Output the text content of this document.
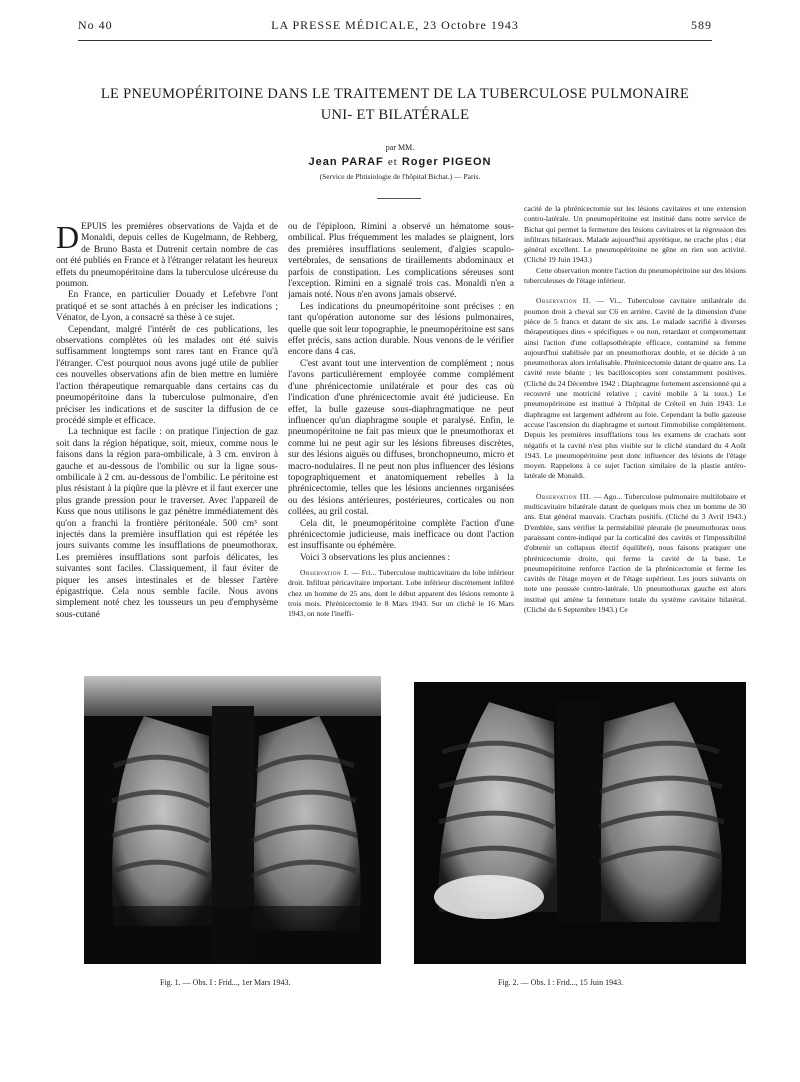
No 40	LA PRESSE MÉDICALE, 23 Octobre 1943	589
LE PNEUMOPÉRITOINE DANS LE TRAITEMENT DE LA TUBERCULOSE PULMONAIRE
UNI- ET BILATÉRALE
par MM.
Jean PARAF et Roger PIGEON
(Service de Phtisiologie de l'hôpital Bichat.) — Paris.

DEPUIS les premières observations de Vajda et de Monaldi, depuis celles de Kugelmann, de Rehberg, de Bruno Basta et Dutrenit certain nombre de cas ont été publiés en France et à l'étranger relatant les heureux effets du pneumopéritoine dans la tuberculose ulcéreuse du poumon.

En France, en particulier Douady et Lefebvre l'ont pratiqué et se sont attachés à en préciser les indications ; Vénator, de Lyon, a consacré sa thèse à ce sujet.

Cependant, malgré l'intérêt de ces publications, les observations complètes où les malades ont été suivis suffisamment longtemps sont rares tant en France qu'à l'étranger. C'est pourquoi nous avons jugé utile de publier ces nouvelles observations afin de bien mettre en lumière l'action thérapeutique remarquable dans certains cas du pneumopéritoine dans la tuberculose pulmonaire, d'en préciser les indications et de susciter la diffusion de ce procédé simple et efficace.

La technique est facile : on pratique l'injection de gaz soit dans la région hépatique, soit, mieux, comme nous le faisons dans la région para-ombilicale, à 3 cm. environ à gauche et au-dessous de l'ombilic ou sur la ligne sous-ombilicale à 2 cm. au-dessous de l'ombilic. Le péritoine est plus résistant à la piqûre que la plèvre et il faut exercer une plus grande pression pour le traverser. Avec l'appareil de Kuss que nous utilisons le gaz pénètre immédiatement dès qu'on a franchi la frontière péritonéale. 500 cm³ sont injectés dans la première insufflation qui est répétée les jours suivants comme les insufflations de pneumothorax. Les premières insufflations sont parfois délicates, les suivantes sont faciles. Classiquement, il faut éviter de piquer les anses intestinales et de blesser l'artère épigastrique. Cela nous semble facile. Nous avons simplement noté chez les tousseurs un peu d'emphysème sous-cutané

ou de l'épiploon. Rimini a observé un hématome sous-ombilical. Plus fréquemment les malades se plaignent, lors des premières insufflations seulement, d'algies scapulo-vertébrales, de sensations de tiraillements abdominaux et parfois de constipation. Les complications séreuses sont l'exception. Rimini en a signalé trois cas. Monaldi n'en a jamais noté. Nous n'en avons jamais observé.

Les indications du pneumopéritoine sont précises : en tant qu'opération autonome sur des lésions pulmonaires, quelle que soit leur topographie, le pneumopéritoine est sans effet précis, sans action durable. Nous venons de le vérifier encore dans 4 cas.

C'est avant tout une intervention de complément ; nous l'avons particulièrement employée comme complément d'une phrénicectomie unilatérale et pour des cas où l'indication d'une phrénicectomie avait été judicieuse. En effet, la bulle gazeuse sous-diaphragmatique ne peut influencer qu'un diaphragme souple et paralysé. Enfin, le pneumopéritoine ne fait pas mieux que le pneumothorax et comme lui ne peut agir sur les lésions fibreuses discrètes, sur des lésions aiguës ou diffuses, bronchopneumo, micro et macro-nodulaires. Il ne peut non plus influencer des lésions topographiquement et anatomiquement rebelles à la phrénicectomie, telles que les lésions anciennes organisées ou des lésions antérieures, postérieures, corticales ou non collées, au gril costal.

Cela dit, le pneumopéritoine complète l'action d'une phrénicectomie judicieuse, mais inefficace ou dont l'action est insuffisante ou éphémère.

Voici 3 observations les plus anciennes :

Observation I. — Fri... Tuberculose multicavitaire du lobe inférieur droit. Infiltrat péricavitaire important. Lobe inférieur discrètement infiltré chez un homme de 25 ans, dont le début apparent des lésions remonte à trois mois. Phrénicectomie le 8 Mars 1943. Sur un cliché le 16 Mars 1943, on note l'ineffi-

cacité de la phrénicectomie sur les lésions cavitaires et une extension contro-latérale. Un pneumopéritoine est institué dans notre service de Bichat qui permet la fermeture des lésions cavitaires et la régression des infiltrats bilatéraux. Malade aujourd'hui apyrétique, ne crache plus ; état général excellent. Le pneumopéritoine ne gêne en rien son activité. (Cliché 19 Juin 1943.)

Cette observation montre l'action du pneumopéritoine sur des lésions tuberculeuses de l'étage inférieur.

Observation II. — Vi... Tuberculose cavitaire unilatérale du poumon droit à cheval sur C6 en arrière. Cavité de la dimension d'une pièce de 5 francs et datant de six ans. Le malade sacrifié à diverses thérapeutiques dites « spécifiques » ou non, retardant et compromettant ainsi l'action d'une collapsothérapie efficace, contaminé sa femme aujourd'hui stabilisée par un pneumothorax double, et se décide à un pneumothorax alors irréalisable. Phrénicectomie datant de quatre ans. La cavité reste béante ; les bacilloscopies sont constamment positives. (Cliché du 24 Décembre 1942 : Diaphragme fortement ascensionné qui a recouvré une motricité relative ; cavité mobile à la toux.) Le pneumopéritoine est institué à l'hôpital de Créteil en Juin 1943. Le diaphragme est largement adhérent au foie. Cependant la bulle gazeuse accuse l'ascension du diaphragme et surtout l'immobilise complètement. Depuis les premières insufflations tous les examens de crachats sont négatifs et la cavité n'est plus visible sur le cliché standard du 4 Août 1943. Le pneumopéritoine peut donc influencer des lésions de l'étage moyen. Rappelons à ce sujet l'action similaire de la plastie antéro-latérale de Monaldi.

Observation III. — Ago... Tuberculose pulmonaire multilobaire et multicavitaire bilatérale datant de quelques mois chez un homme de 30 ans. Etat général mauvais. Crachats positifs. (Cliché du 3 Avril 1943.) D'emblée, sans vérifier la perméabilité pleurale (le pneumothorax nous paraissant contre-indiqué par la corticalité des cavités et l'impossibilité d'obtenir un collapsus électif équilibré), nous faisons pratiquer une phrénicectomie droite, qui ferme la cavité de la base. Le pneumopéritoine renforce l'action de la phrénicectomie et ferme les cavités de l'étage moyen et de l'étage supérieur. Les jours suivants on note une poussée contro-latérale. Un pneumothorax gauche est alors institué qui amène la fermeture totale du système cavitaire bilatéral. (Cliché du 6 Septembre 1943.) Ce

Fig. 1. — Obs. I : Frid..., 1er Mars 1943.	Fig. 2. — Obs. I : Frid..., 15 Juin 1943.
